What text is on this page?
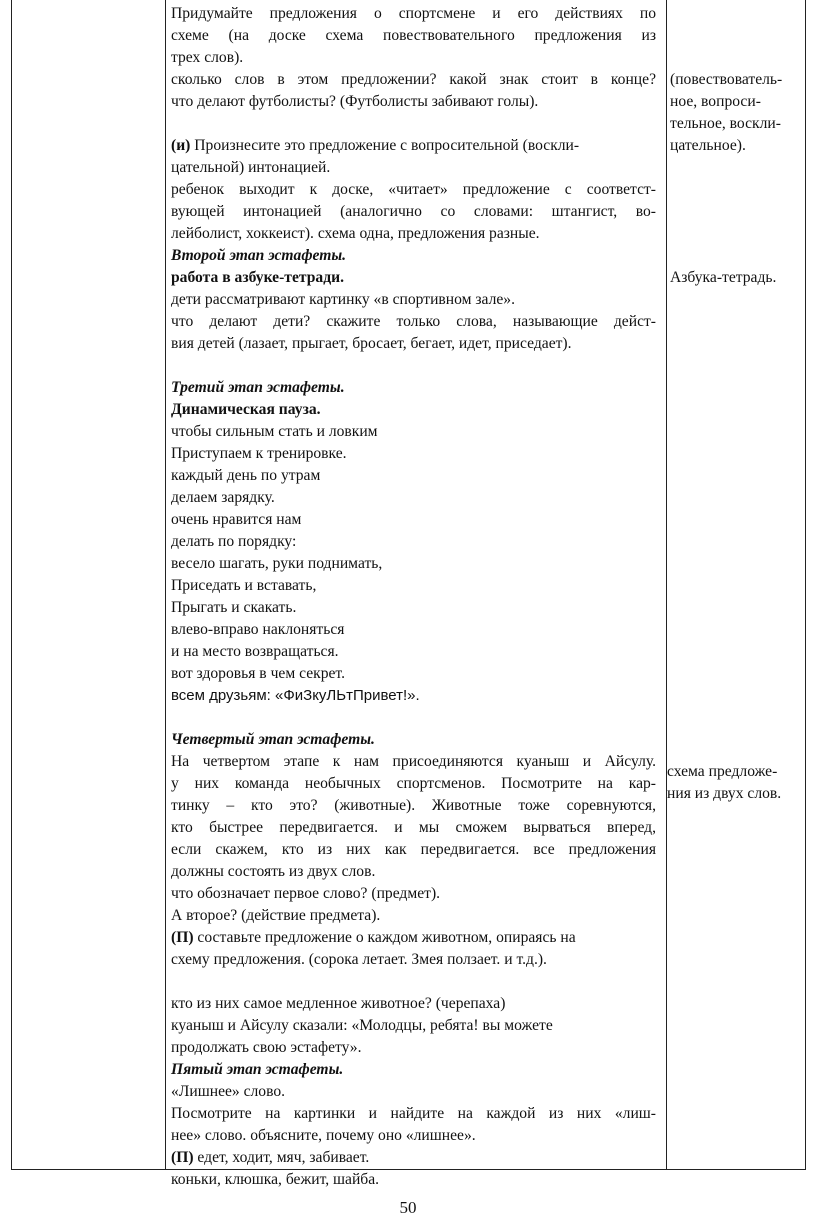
Придумайте предложения о спортсмене и его действиях по
схеме (на доске схема повествовательного предложения из
трех слов).
сколько слов в этом предложении? какой знак стоит в конце?
что делают футболисты? (Футболисты забивают голы).
(и) Произнесите это предложение с вопросительной (воскли-
цательной) интонацией.
ребенок выходит к доске, «читает» предложение с соответст-
вующей интонацией (аналогично со словами: штангист, во-
лейболист, хоккеист). схема одна, предложения разные.
Второй этап эстафеты.
работа в азбуке-тетради.
дети рассматривают картинку «в спортивном зале».
что делают дети? скажите только слова, называющие дейст-
вия детей (лазает, прыгает, бросает, бегает, идет, приседает).
Третий этап эстафеты.
Динамическая пауза.
чтобы сильным стать и ловким
Приступаем к тренировке.
каждый день по утрам
делаем зарядку.
очень нравится нам
делать по порядку:
весело шагать, руки поднимать,
Приседать и вставать,
Прыгать и скакать.
влево-вправо наклоняться
и на место возвращаться.
вот здоровья в чем секрет.
всем друзьям: «ФиЗкуЛЬтПривет!».
Четвертый этап эстафеты.
На четвертом этапе к нам присоединяются куаныш и Айсулу.
у них команда необычных спортсменов. Посмотрите на кар-
тинку – кто это? (животные). Животные тоже соревнуются,
кто быстрее передвигается. и мы сможем вырваться вперед,
если скажем, кто из них как передвигается. все предложения
должны состоять из двух слов.
что обозначает первое слово? (предмет).
А второе? (действие предмета).
(П) составьте предложение о каждом животном, опираясь на
схему предложения. (сорока летает. Змея ползает. и т.д.).
кто из них самое медленное животное? (черепаха)
куаныш и Айсулу сказали: «Молодцы, ребята! вы можете
продолжать свою эстафету».
Пятый этап эстафеты.
«Лишнее» слово.
Посмотрите на картинки и найдите на каждой из них «лиш-
нее» слово. объясните, почему оно «лишнее».
(П) едет, ходит, мяч, забивает.
коньки, клюшка, бежит, шайба.
(повествователь-
ное, вопроси-
тельное, воскли-
цательное).
Азбука-тетрадь.
схема предложе-
ния из двух слов.
50
